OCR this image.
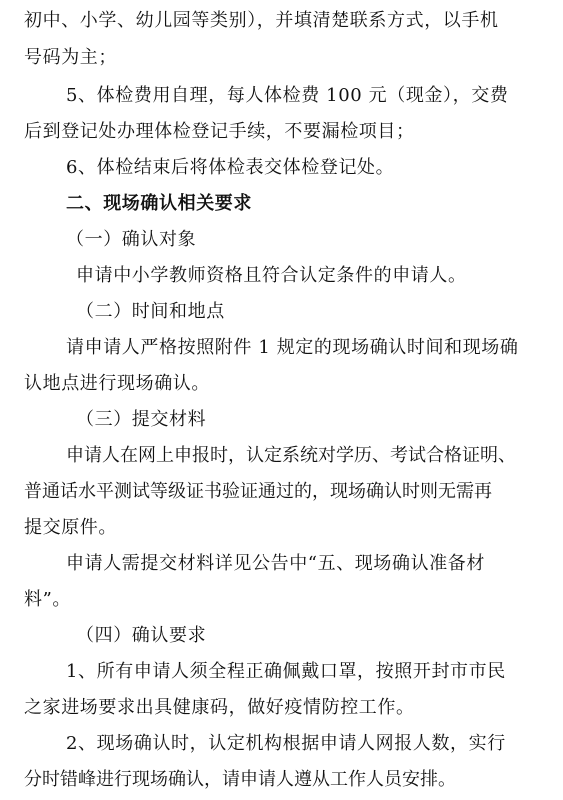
初中、小学、幼儿园等类别），并填清楚联系方式，以手机
号码为主；
5、体检费用自理，每人体检费 100 元（现金），交费
后到登记处办理体检登记手续，不要漏检项目；
6、体检结束后将体检表交体检登记处。
二、现场确认相关要求
（一）确认对象
申请中小学教师资格且符合认定条件的申请人。
（二）时间和地点
请申请人严格按照附件 1 规定的现场确认时间和现场确
认地点进行现场确认。
（三）提交材料
申请人在网上申报时，认定系统对学历、考试合格证明、
普通话水平测试等级证书验证通过的，现场确认时则无需再
提交原件。
申请人需提交材料详见公告中“五、现场确认准备材
料”。
（四）确认要求
1、所有申请人须全程正确佩戴口罩，按照开封市市民
之家进场要求出具健康码，做好疫情防控工作。
2、现场确认时，认定机构根据申请人网报人数，实行
分时错峰进行现场确认，请申请人遵从工作人员安排。
